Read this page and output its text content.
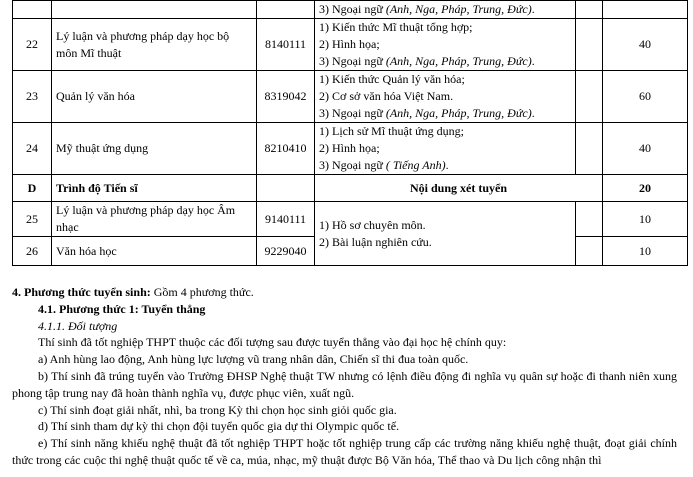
			3) Ngoại ngữ (Anh, Nga, Pháp, Trung, Đức).		

22	Lý luận và phương pháp dạy học bộ môn Mĩ thuật	8140111	1) Kiến thức Mĩ thuật tổng hợp;
2) Hình họa;
3) Ngoại ngữ (Anh, Nga, Pháp, Trung, Đức).		40
23	Quản lý văn hóa	8319042	1) Kiến thức Quản lý văn hóa;
2) Cơ sở văn hóa Việt Nam.
3) Ngoại ngữ (Anh, Nga, Pháp, Trung, Đức).		60
24	Mỹ thuật ứng dụng	8210410	1) Lịch sử Mĩ thuật ứng dụng;
2) Hình họa;
3) Ngoại ngữ ( Tiếng Anh).		40
D	Trình độ Tiến sĩ		Nội dung xét tuyển		20
25	Lý luận và phương pháp dạy học Âm nhạc	9140111	1) Hồ sơ chuyên môn.
2) Bài luận nghiên cứu.		10
26	Văn hóa học	9229040			10

4. Phương thức tuyển sinh: Gồm 4 phương thức.

4.1. Phương thức 1: Tuyển thẳng

4.1.1. Đối tượng

Thí sinh đã tốt nghiệp THPT thuộc các đối tượng sau được tuyển thẳng vào đại học hệ chính quy:

a) Anh hùng lao động, Anh hùng lực lượng vũ trang nhân dân, Chiến sĩ thi đua toàn quốc.

b) Thí sinh đã trúng tuyển vào Trường ĐHSP Nghệ thuật TW nhưng có lệnh điều động đi nghĩa vụ quân sự hoặc đi thanh niên xung phong tập trung nay đã hoàn thành nghĩa vụ, được phục viên, xuất ngũ.

c) Thí sinh đoạt giải nhất, nhì, ba trong Kỳ thi chọn học sinh giỏi quốc gia.

d) Thí sinh tham dự kỳ thi chọn đội tuyển quốc gia dự thi Olympic quốc tế.

e) Thí sinh năng khiếu nghệ thuật đã tốt nghiệp THPT hoặc tốt nghiệp trung cấp các trường năng khiếu nghệ thuật, đoạt giải chính thức trong các cuộc thi nghệ thuật quốc tế về ca, múa, nhạc, mỹ thuật được Bộ Văn hóa, Thể thao và Du lịch công nhận thì
